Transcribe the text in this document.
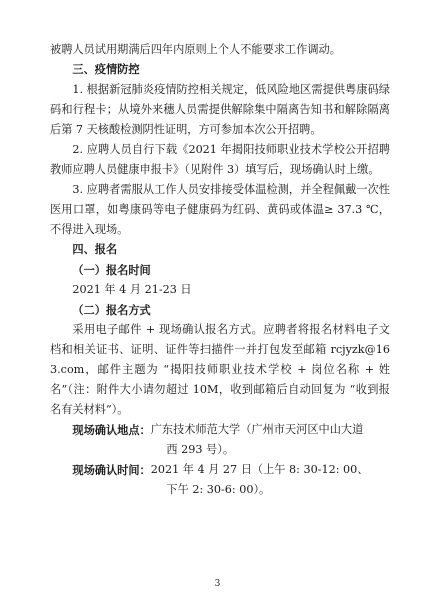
被聘人员试用期满后四年内原则上个人不能要求工作调动。

三、疫情防控

1. 根据新冠肺炎疫情防控相关规定，低风险地区需提供粤康码绿码和行程卡；从境外来穗人员需提供解除集中隔离告知书和解除隔离后第 7 天核酸检测阴性证明，方可参加本次公开招聘。

2. 应聘人员自行下载《2021 年揭阳技师职业技术学校公开招聘教师应聘人员健康申报卡》（见附件 3）填写后，现场确认时上缴。

3. 应聘者需服从工作人员安排接受体温检测，并全程佩戴一次性医用口罩，如粤康码等电子健康码为红码、黄码或体温≥ 37.3 ℃，不得进入现场。

四、报名

（一）报名时间

2021 年 4 月 21-23 日

（二）报名方式

采用电子邮件 + 现场确认报名方式。应聘者将报名材料电子文档和相关证书、证明、证件等扫描件一并打包发至邮箱 rcjyzk@163.com，邮件主题为 “揭阳技师职业技术学校 + 岗位名称 + 姓名”（注：附件大小请勿超过 10M，收到邮箱后自动回复为 “收到报名有关材料”）。

现场确认地点： 广东技术师范大学（广州市天河区中山大道
西 293 号）。
现场确认时间： 2021 年 4 月 27 日（上午 8: 30-12: 00、
下午 2: 30-6: 00）。
3
